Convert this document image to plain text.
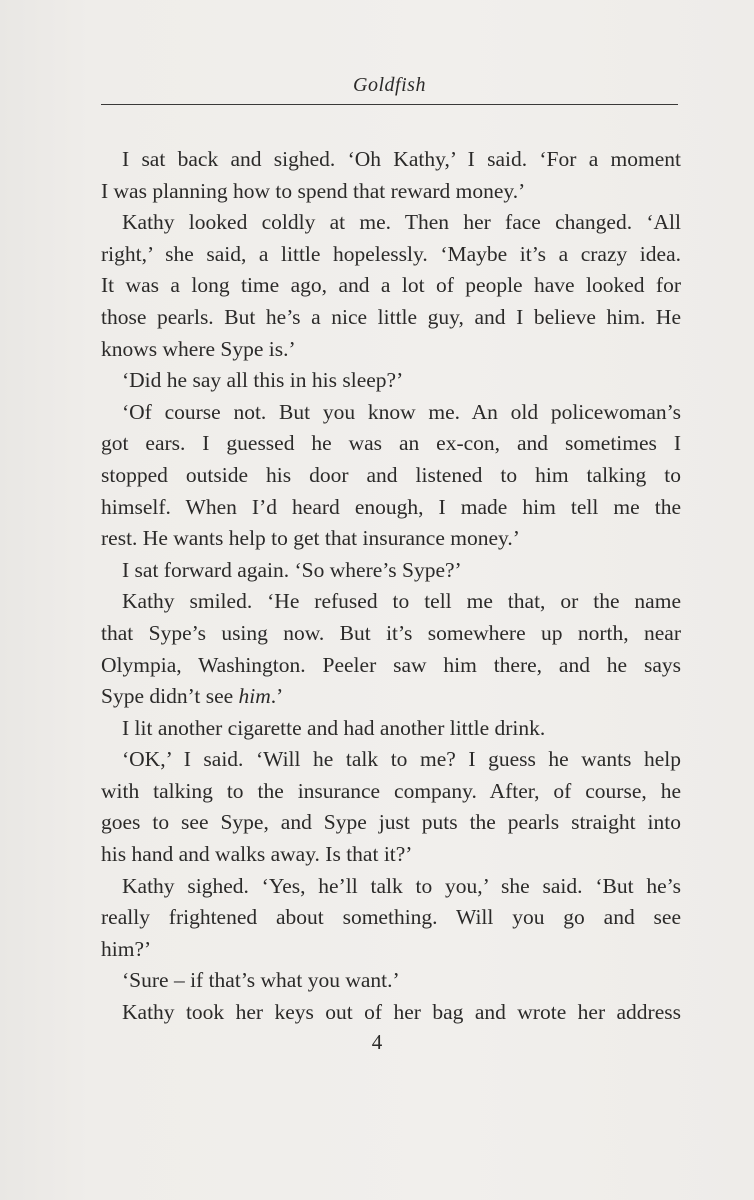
Goldfish
I sat back and sighed. ‘Oh Kathy,’ I said. ‘For a moment
I was planning how to spend that reward money.’
Kathy looked coldly at me. Then her face changed. ‘All
right,’ she said, a little hopelessly. ‘Maybe it’s a crazy idea.
It was a long time ago, and a lot of people have looked for
those pearls. But he’s a nice little guy, and I believe him. He
knows where Sype is.’
‘Did he say all this in his sleep?’
‘Of course not. But you know me. An old policewoman’s
got ears. I guessed he was an ex-con, and sometimes I
stopped outside his door and listened to him talking to
himself. When I’d heard enough, I made him tell me the
rest. He wants help to get that insurance money.’
I sat forward again. ‘So where’s Sype?’
Kathy smiled. ‘He refused to tell me that, or the name
that Sype’s using now. But it’s somewhere up north, near
Olympia, Washington. Peeler saw him there, and he says
Sype didn’t see him.’
I lit another cigarette and had another little drink.
‘OK,’ I said. ‘Will he talk to me? I guess he wants help
with talking to the insurance company. After, of course, he
goes to see Sype, and Sype just puts the pearls straight into
his hand and walks away. Is that it?’
Kathy sighed. ‘Yes, he’ll talk to you,’ she said. ‘But he’s
really frightened about something. Will you go and see
him?’
‘Sure – if that’s what you want.’
Kathy took her keys out of her bag and wrote her address
4
